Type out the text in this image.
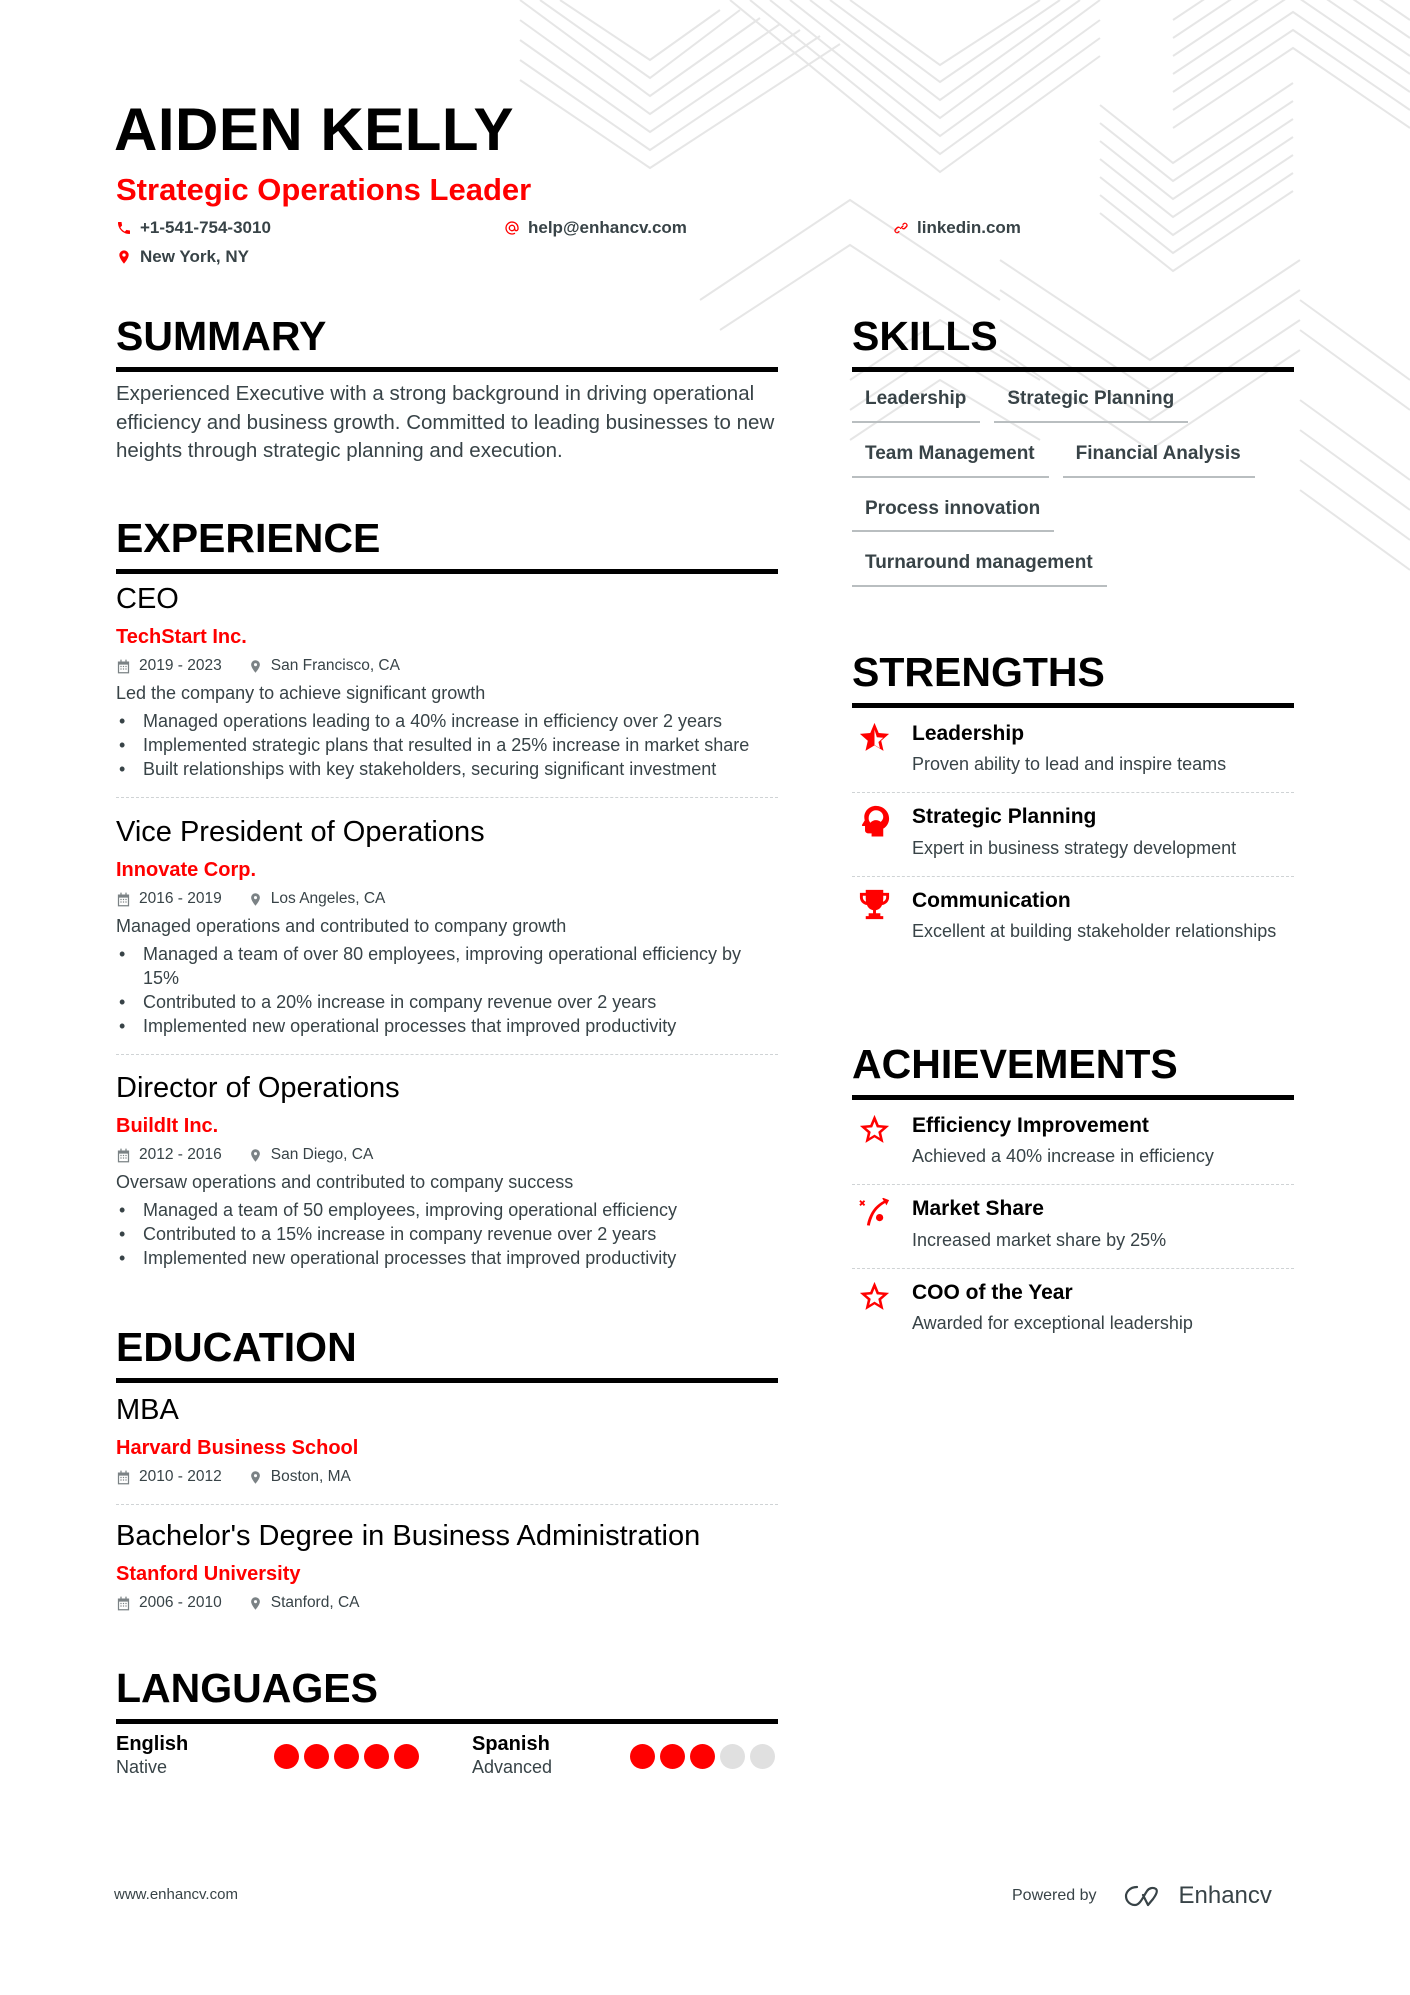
AIDEN KELLY
Strategic Operations Leader
+1-541-754-3010	help@enhancv.com	linkedin.com
New York, NY
SUMMARY
Experienced Executive with a strong background in driving operational efficiency and business growth. Committed to leading businesses to new heights through strategic planning and execution.
EXPERIENCE
CEO
TechStart Inc.
2019 - 2023	San Francisco, CA
Led the company to achieve significant growth
• Managed operations leading to a 40% increase in efficiency over 2 years
• Implemented strategic plans that resulted in a 25% increase in market share
• Built relationships with key stakeholders, securing significant investment
Vice President of Operations
Innovate Corp.
2016 - 2019	Los Angeles, CA
Managed operations and contributed to company growth
• Managed a team of over 80 employees, improving operational efficiency by 15%
• Contributed to a 20% increase in company revenue over 2 years
• Implemented new operational processes that improved productivity
Director of Operations
BuildIt Inc.
2012 - 2016	San Diego, CA
Oversaw operations and contributed to company success
• Managed a team of 50 employees, improving operational efficiency
• Contributed to a 15% increase in company revenue over 2 years
• Implemented new operational processes that improved productivity
EDUCATION
MBA
Harvard Business School
2010 - 2012	Boston, MA
Bachelor's Degree in Business Administration
Stanford University
2006 - 2010	Stanford, CA
LANGUAGES
English
Native
Spanish
Advanced
SKILLS
Leadership	Strategic Planning
Team Management	Financial Analysis
Process innovation
Turnaround management
STRENGTHS
Leadership
Proven ability to lead and inspire teams
Strategic Planning
Expert in business strategy development
Communication
Excellent at building stakeholder relationships
ACHIEVEMENTS
Efficiency Improvement
Achieved a 40% increase in efficiency
Market Share
Increased market share by 25%
COO of the Year
Awarded for exceptional leadership
www.enhancv.com	Powered by	Enhancv
